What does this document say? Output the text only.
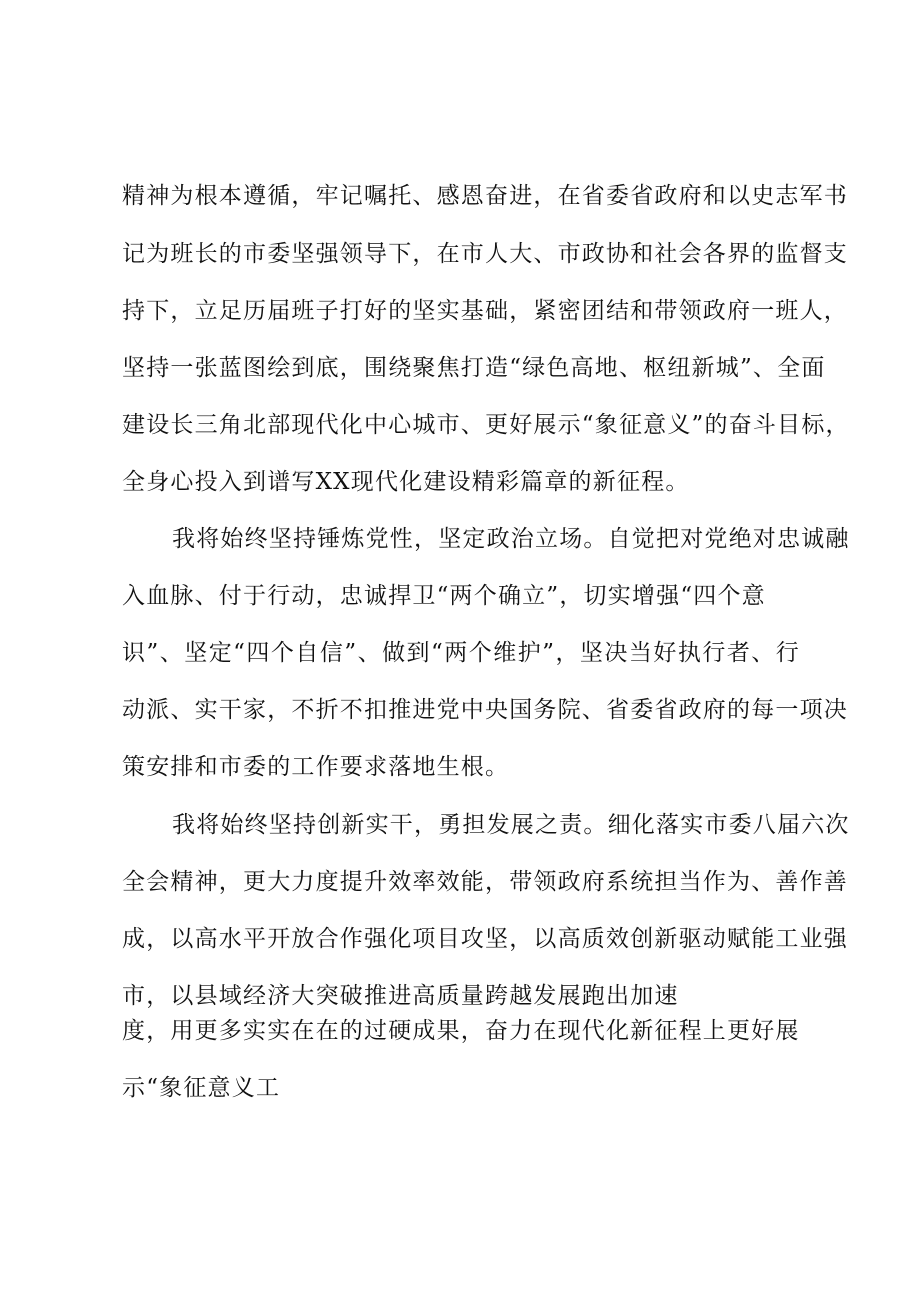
精神为根本遵循，牢记嘱托、感恩奋进，在省委省政府和以史志军书
记为班长的市委坚强领导下，在市人大、市政协和社会各界的监督支
持下，立足历届班子打好的坚实基础，紧密团结和带领政府一班人，
坚持一张蓝图绘到底，围绕聚焦打造“绿色高地、枢纽新城”、全面
建设长三角北部现代化中心城市、更好展示“象征意义”的奋斗目标，
全身心投入到谱写XX现代化建设精彩篇章的新征程。
我将始终坚持锤炼党性，坚定政治立场。自觉把对党绝对忠诚融
入血脉、付于行动，忠诚捍卫“两个确立”，切实增强“四个意
识”、坚定“四个自信”、做到“两个维护”，坚决当好执行者、行
动派、实干家，不折不扣推进党中央国务院、省委省政府的每一项决
策安排和市委的工作要求落地生根。
我将始终坚持创新实干，勇担发展之责。细化落实市委八届六次
全会精神，更大力度提升效率效能，带领政府系统担当作为、善作善
成，以高水平开放合作强化项目攻坚，以高质效创新驱动赋能工业强
市，以县域经济大突破推进高质量跨越发展跑出加速
度，用更多实实在在的过硬成果，奋力在现代化新征程上更好展
示“象征意义工
